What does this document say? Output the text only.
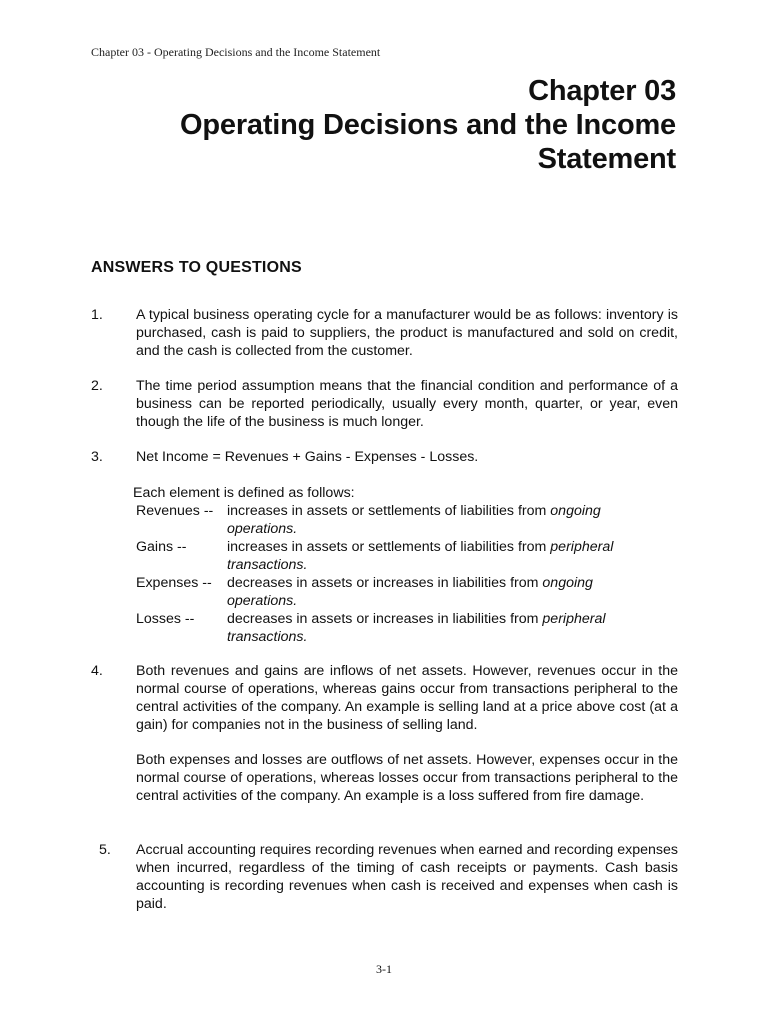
Chapter 03 - Operating Decisions and the Income Statement
Chapter 03
Operating Decisions and the Income
Statement
ANSWERS TO QUESTIONS
1. A typical business operating cycle for a manufacturer would be as follows: inventory is purchased, cash is paid to suppliers, the product is manufactured and sold on credit, and the cash is collected from the customer.
2. The time period assumption means that the financial condition and performance of a business can be reported periodically, usually every month, quarter, or year, even though the life of the business is much longer.
3. Net Income = Revenues + Gains - Expenses - Losses.
Each element is defined as follows:
Revenues -- increases in assets or settlements of liabilities from ongoing
operations.
Gains --	increases in assets or settlements of liabilities from peripheral
transactions.
Expenses -- decreases in assets or increases in liabilities from ongoing
operations.
Losses -- decreases in assets or increases in liabilities from peripheral
transactions.
4. Both revenues and gains are inflows of net assets. However, revenues occur in the normal course of operations, whereas gains occur from transactions peripheral to the central activities of the company. An example is selling land at a price above cost (at a gain) for companies not in the business of selling land.
Both expenses and losses are outflows of net assets. However, expenses occur in the normal course of operations, whereas losses occur from transactions peripheral to the central activities of the company. An example is a loss suffered from fire damage.
5. Accrual accounting requires recording revenues when earned and recording expenses when incurred, regardless of the timing of cash receipts or payments. Cash basis accounting is recording revenues when cash is received and expenses when cash is paid.
3-1
